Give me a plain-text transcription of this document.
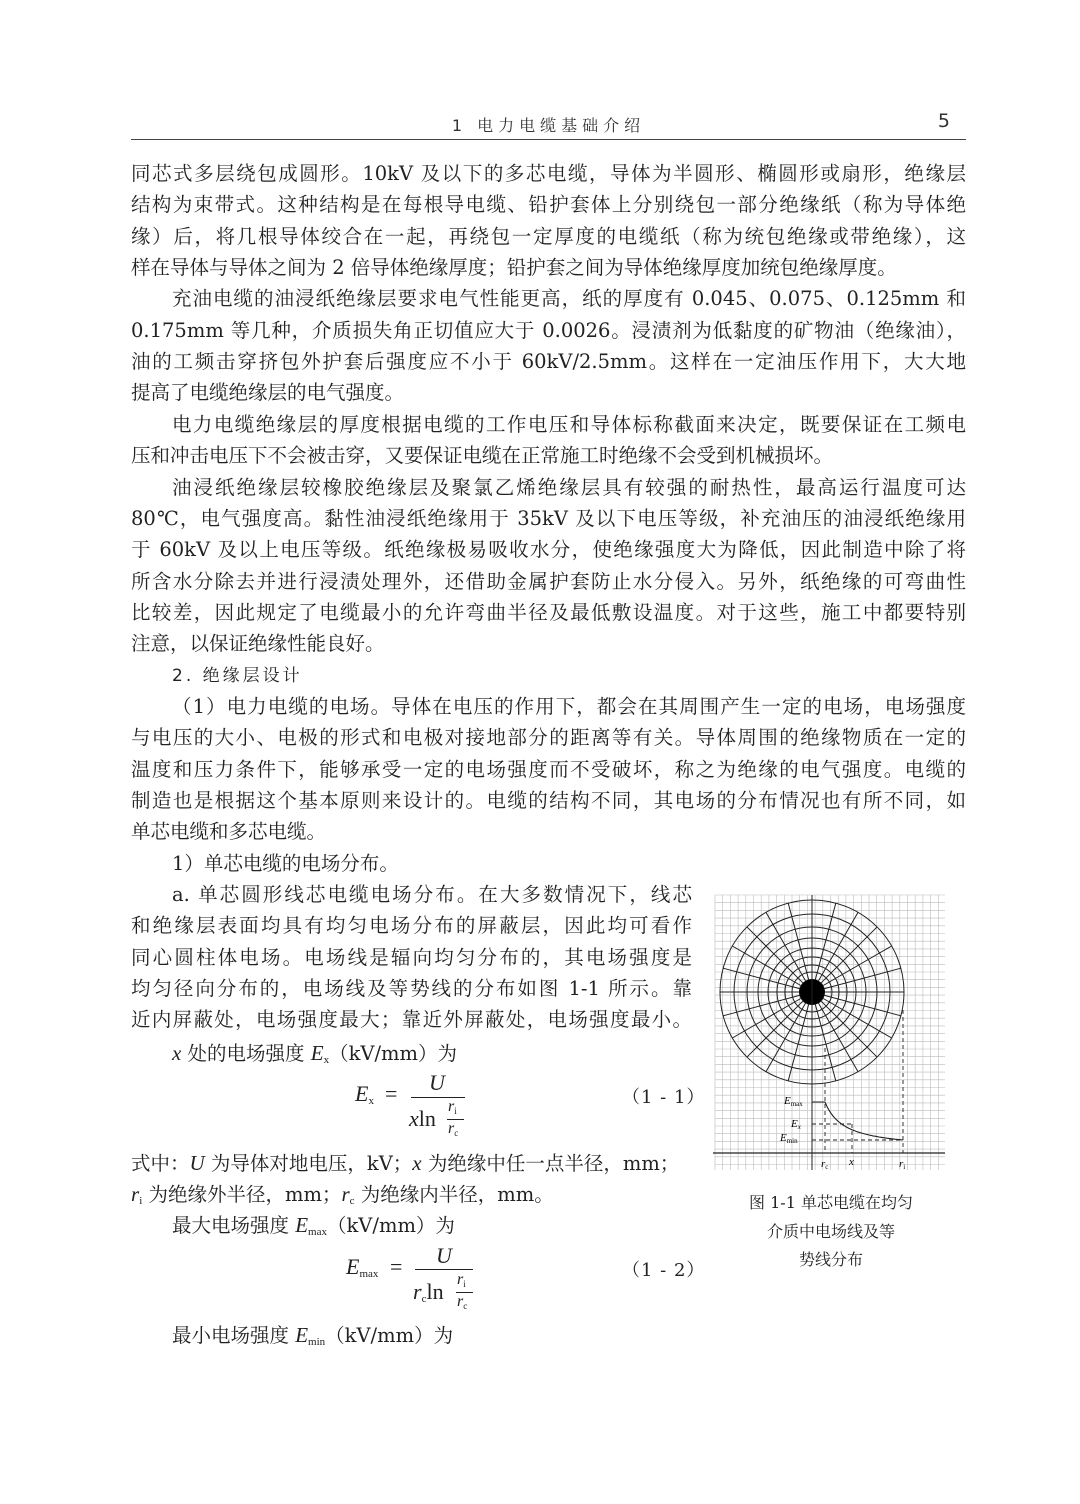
1 电力电缆基础介绍	5
同芯式多层绕包成圆形。10kV 及以下的多芯电缆，导体为半圆形、椭圆形或扇形，绝缘层
结构为束带式。这种结构是在每根导电缆、铅护套体上分别绕包一部分绝缘纸（称为导体绝
缘）后，将几根导体绞合在一起，再绕包一定厚度的电缆纸（称为统包绝缘或带绝缘），这
样在导体与导体之间为 2 倍导体绝缘厚度；铅护套之间为导体绝缘厚度加统包绝缘厚度。
充油电缆的油浸纸绝缘层要求电气性能更高，纸的厚度有 0.045、0.075、0.125mm 和
0.175mm 等几种，介质损失角正切值应大于 0.0026。浸渍剂为低黏度的矿物油（绝缘油），
油的工频击穿挤包外护套后强度应不小于 60kV/2.5mm。这样在一定油压作用下，大大地
提高了电缆绝缘层的电气强度。
电力电缆绝缘层的厚度根据电缆的工作电压和导体标称截面来决定，既要保证在工频电
压和冲击电压下不会被击穿，又要保证电缆在正常施工时绝缘不会受到机械损坏。
油浸纸绝缘层较橡胶绝缘层及聚氯乙烯绝缘层具有较强的耐热性，最高运行温度可达
80℃，电气强度高。黏性油浸纸绝缘用于 35kV 及以下电压等级，补充油压的油浸纸绝缘用
于 60kV 及以上电压等级。纸绝缘极易吸收水分，使绝缘强度大为降低，因此制造中除了将
所含水分除去并进行浸渍处理外，还借助金属护套防止水分侵入。另外，纸绝缘的可弯曲性
比较差，因此规定了电缆最小的允许弯曲半径及最低敷设温度。对于这些，施工中都要特别
注意，以保证绝缘性能良好。
2. 绝缘层设计
（1）电力电缆的电场。导体在电压的作用下，都会在其周围产生一定的电场，电场强度
与电压的大小、电极的形式和电极对接地部分的距离等有关。导体周围的绝缘物质在一定的
温度和压力条件下，能够承受一定的电场强度而不受破坏，称之为绝缘的电气强度。电缆的
制造也是根据这个基本原则来设计的。电缆的结构不同，其电场的分布情况也有所不同，如
单芯电缆和多芯电缆。
1）单芯电缆的电场分布。
a. 单芯圆形线芯电缆电场分布。在大多数情况下，线芯
和绝缘层表面均具有均匀电场分布的屏蔽层，因此均可看作
同心圆柱体电场。电场线是辐向均匀分布的，其电场强度是
均匀径向分布的，电场线及等势线的分布如图 1-1 所示。靠
近内屏蔽处，电场强度最大；靠近外屏蔽处，电场强度最小。
x 处的电场强度 $E_x(kV/mm)$为
$E_x = U$
xln $r_i$
$r_c$
（1 - 1）
式中：U 为导体对地电压，kV；x 为绝缘中任一点半径，mm；
$r_i$ 为绝缘外半径，mm；$r_c$ 为绝缘内半径，mm。
最大电场强度 $E_{max}(kV/mm)$为
$E_{max} = U$
$r_c\ln$ $r_i$
$r_c$
（1 - 2）
最小电场强度 $E_{min}(kV/mm)$为
Emax
Ex
Emin
rc x	ri
图 1-1 单芯电缆在均匀
介质中电场线及等
势线分布
